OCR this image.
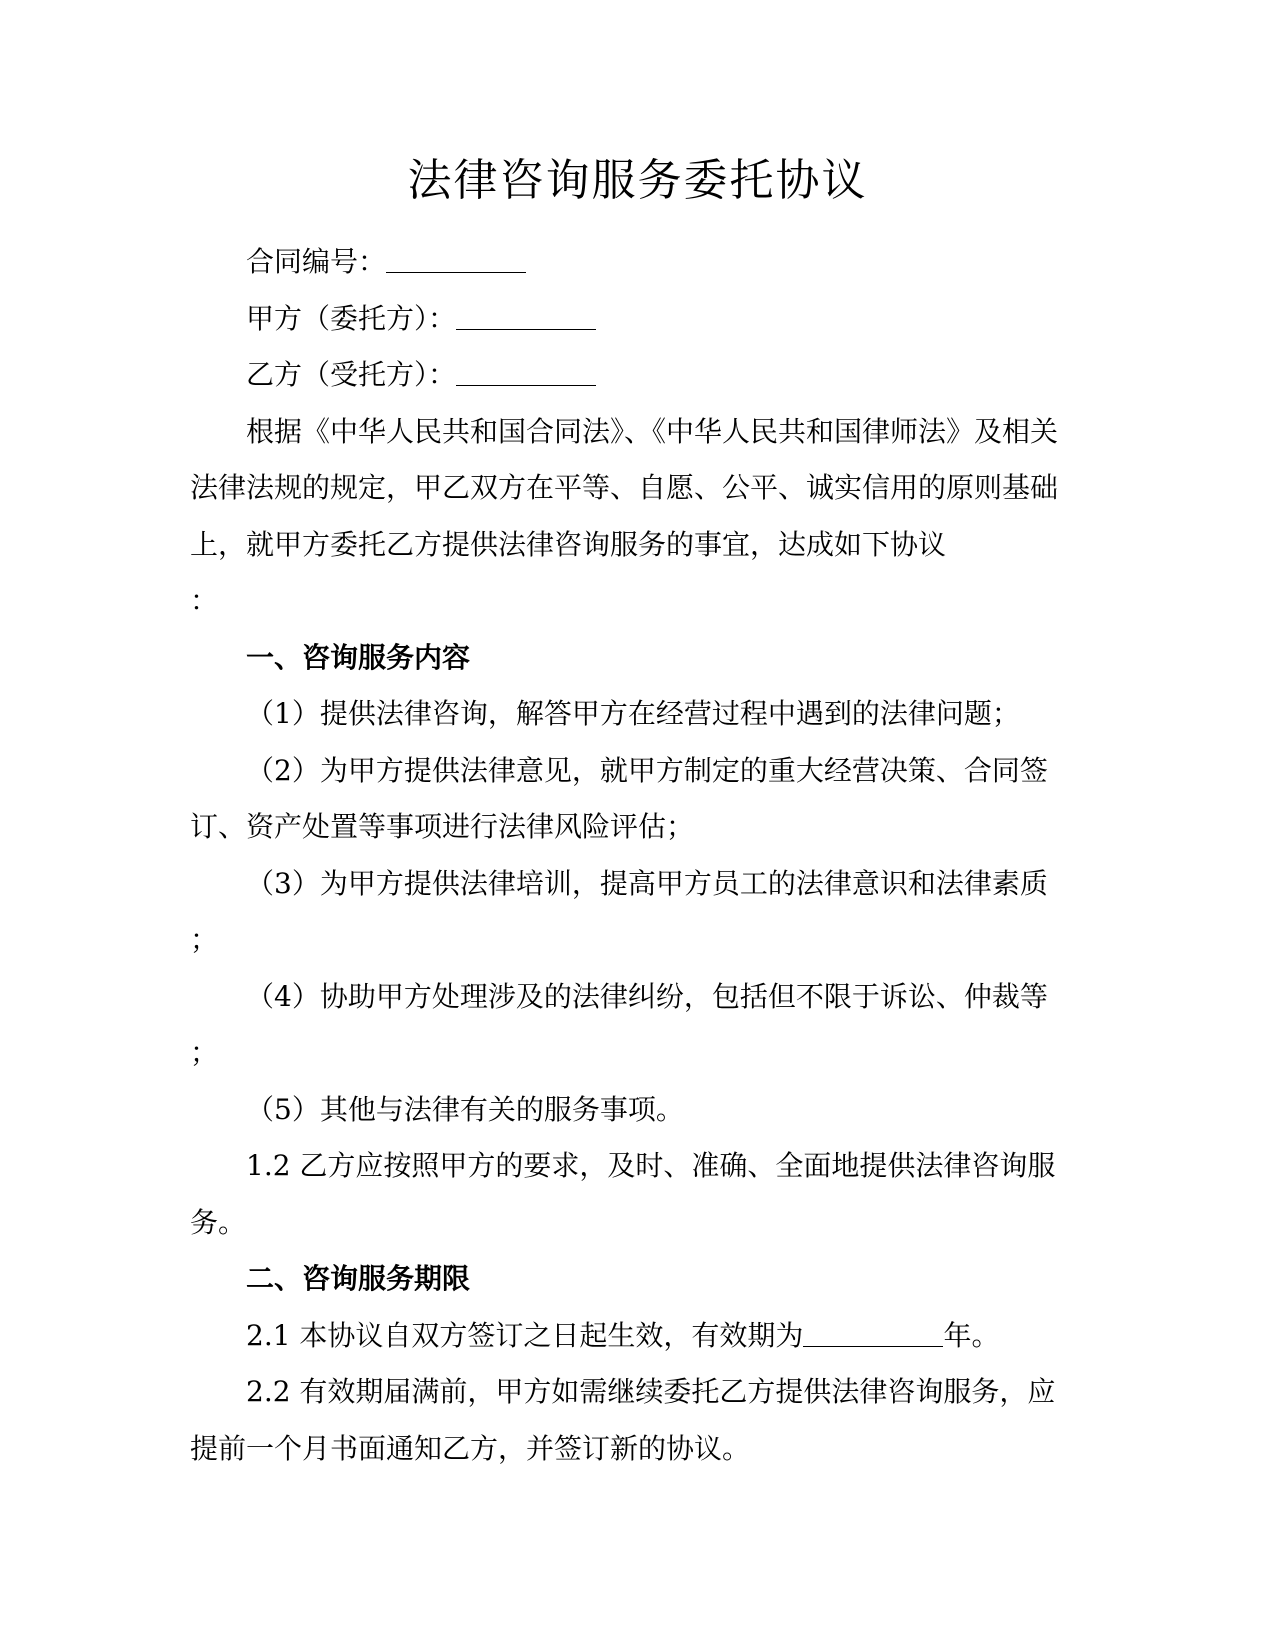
法律咨询服务委托协议

合同编号：

甲方（委托方）：

乙方（受托方）：

根据《中华人民共和国合同法》、《中华人民共和国律师法》及相关法律法规的规定，甲乙双方在平等、自愿、公平、诚实信用的原则基础上，就甲方委托乙方提供法律咨询服务的事宜，达成如下协议

：

一、咨询服务内容

（1）提供法律咨询，解答甲方在经营过程中遇到的法律问题；

（2）为甲方提供法律意见，就甲方制定的重大经营决策、合同签订、资产处置等事项进行法律风险评估；

（3）为甲方提供法律培训，提高甲方员工的法律意识和法律素质

；

（4）协助甲方处理涉及的法律纠纷，包括但不限于诉讼、仲裁等

；

（5）其他与法律有关的服务事项。

1.2 乙方应按照甲方的要求，及时、准确、全面地提供法律咨询服务。

二、咨询服务期限

2.1 本协议自双方签订之日起生效，有效期为	年。

2.2 有效期届满前，甲方如需继续委托乙方提供法律咨询服务，应提前一个月书面通知乙方，并签订新的协议。
